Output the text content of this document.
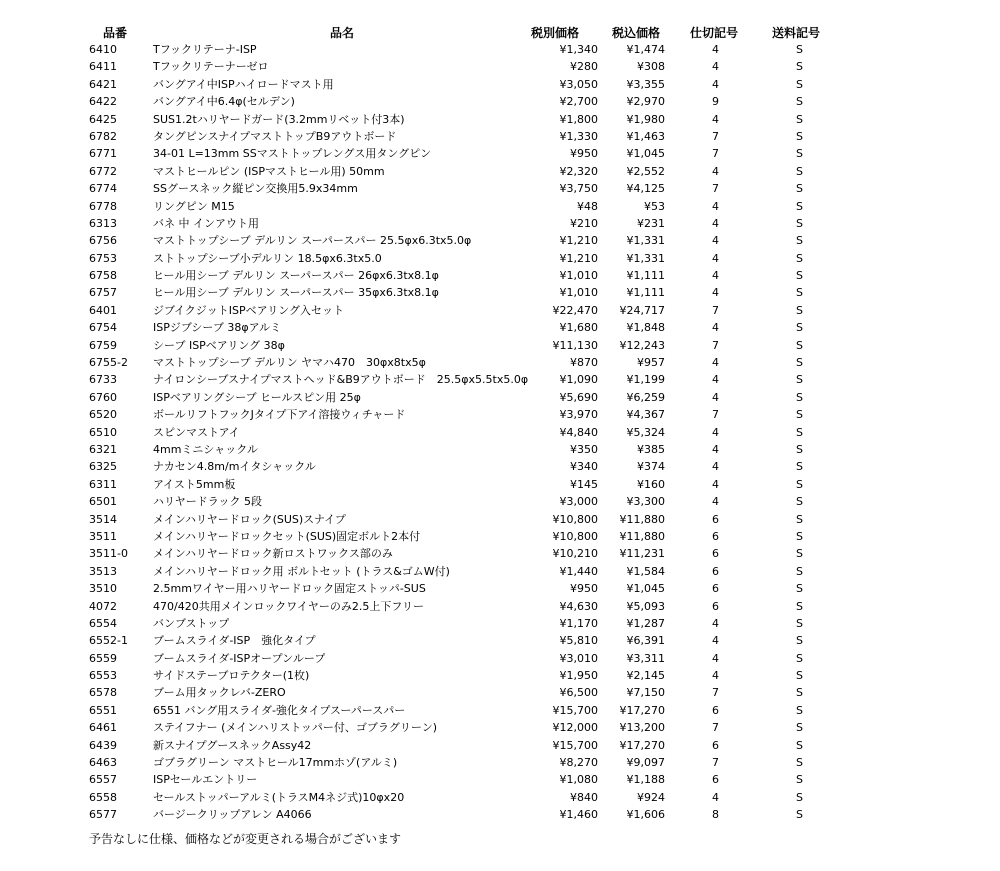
品番	品名	税別価格	税込価格 仕切記号	送料記号
6410	Tフックリテーナ-ISP	¥1,340	¥1,474	4	S
6411	Tフックリテーナーゼロ	¥280	¥308	4	S
6421	バングアイ中ISPハイロードマスト用	¥3,050	¥3,355	4	S
6422	バングアイ中6.4φ(セルデン)	¥2,700	¥2,970	9	S
6425	SUS1.2tハリヤードガード(3.2mmリベット付3本)	¥1,800	¥1,980	4	S
6782	タングピンスナイプマストトップB9アウトボード	¥1,330	¥1,463	7	S
6771	34-01 L=13mm SSマストトップレングス用タングピン	¥950	¥1,045	7	S
6772	マストヒールピン (ISPマストヒール用) 50mm	¥2,320	¥2,552	4	S
6774	SSグースネック縦ピン交換用5.9x34mm	¥3,750	¥4,125	7	S
6778	リングピン M15	¥48	¥53	4	S
6313	バネ 中 インアウト用	¥210	¥231	4	S
6756	マストトップシーブ デルリン スーパースパー 25.5φx6.3tx5.0φ	¥1,210	¥1,331	4	S
6753	ストトップシーブ小デルリン 18.5φx6.3tx5.0	¥1,210	¥1,331	4	S
6758	ヒール用シーブ デルリン スーパースパー 26φx6.3tx8.1φ	¥1,010	¥1,111	4	S
6757	ヒール用シーブ デルリン スーパースパー 35φx6.3tx8.1φ	¥1,010	¥1,111	4	S
6401	ジブイクジットISPベアリング入セット	¥22,470 ¥24,717	7	S
6754	ISPジブシーブ 38φアルミ	¥1,680	¥1,848	4	S
6759	シーブ ISPベアリング 38φ	¥11,130 ¥12,243	7	S
6755-2 マストトップシーブ デルリン ヤマハ470　30φx8tx5φ	¥870	¥957	4	S
6733	ナイロンシーブスナイプマストヘッド&B9アウトボード　25.5φx5.5tx5.0φ	¥1,090	¥1,199	4	S
6760	ISPベアリングシーブ ヒールスピン用 25φ	¥5,690	¥6,259	4	S
6520	ボールリフトフックJタイプ下アイ溶接ウィチャード	¥3,970	¥4,367	7	S
6510	スピンマストアイ	¥4,840	¥5,324	4	S
6321	4mmミニシャックル	¥350	¥385	4	S
6325	ナカセン4.8m/mイタシャックル	¥340	¥374	4	S
6311	アイスト5mm板	¥145	¥160	4	S
6501	ハリヤードラック 5段	¥3,000	¥3,300	4	S
3514	メインハリヤードロック(SUS)スナイプ	¥10,800 ¥11,880	6	S
3511	メインハリヤードロックセット(SUS)固定ボルト2本付	¥10,800 ¥11,880	6	S
3511-0 メインハリヤードロック新ロストワックス部のみ	¥10,210 ¥11,231	6	S
3513	メインハリヤードロック用 ボルトセット (トラス&ゴムW付)	¥1,440	¥1,584	6	S
3510	2.5mmワイヤー用ハリヤードロック固定ストッパ-SUS	¥950	¥1,045	6	S
4072	470/420共用メインロックワイヤーのみ2.5上下フリー	¥4,630	¥5,093	6	S
6554	バンブストップ	¥1,170	¥1,287	4	S
6552-1 ブームスライダ-ISP　強化タイプ	¥5,810	¥6,391	4	S
6559	ブームスライダ-ISPオープンループ	¥3,010	¥3,311	4	S
6553	サイドステーブロテクター(1枚)	¥1,950	¥2,145	4	S
6578	ブーム用タックレバ-ZERO	¥6,500	¥7,150	7	S
6551	6551 バング用スライダ-強化タイプスーパースパー	¥15,700 ¥17,270	6	S
6461	ステイフナー (メインハリストッパー付、ゴブラグリーン)	¥12,000 ¥13,200	7	S
6439	新スナイプグースネックAssy42	¥15,700 ¥17,270	6	S
6463	ゴブラグリーン マストヒール17mmホゾ(アルミ)	¥8,270	¥9,097	7	S
6557	ISPセールエントリー	¥1,080	¥1,188	6	S
6558	セールストッパーアルミ(トラスM4ネジ式)10φx20	¥840	¥924	4	S
6577	バージークリップアレン A4066	¥1,460	¥1,606	8	S
予告なしに仕様、価格などが変更される場合がございます
